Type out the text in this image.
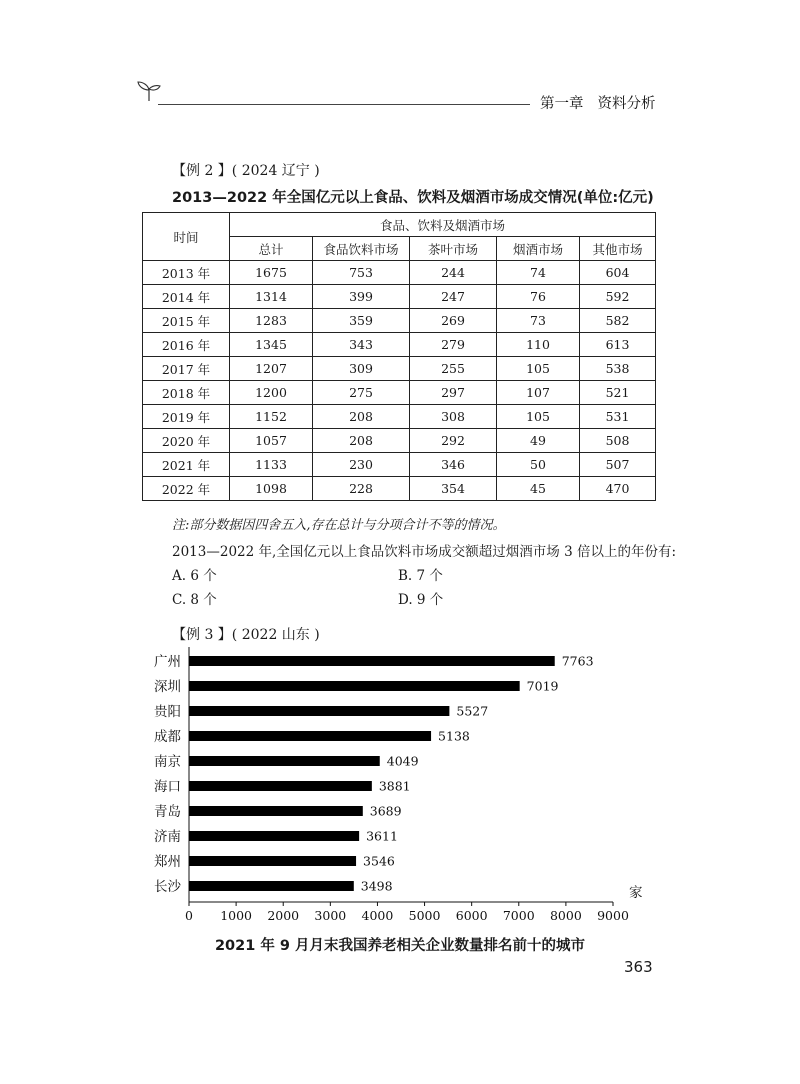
第一章 资料分析
【例 2 】( 2024 辽宁 )
2013—2022 年全国亿元以上食品、饮料及烟酒市场成交情况(单位:亿元)
时间	食品、饮料及烟酒市场				
	总计	食品饮料市场	茶叶市场	烟酒市场	其他市场
2013 年	1675	753	244	74	604
2014 年	1314	399	247	76	592
2015 年	1283	359	269	73	582
2016 年	1345	343	279	110	613
2017 年	1207	309	255	105	538
2018 年	1200	275	297	107	521
2019 年	1152	208	308	105	531
2020 年	1057	208	292	49	508
2021 年	1133	230	346	50	507
2022 年	1098	228	354	45	470
注:部分数据因四舍五入,存在总计与分项合计不等的情况。
2013—2022 年,全国亿元以上食品饮料市场成交额超过烟酒市场 3 倍以上的年份有:
A. 6 个	B. 7 个
C. 8 个	D. 9 个
【例 3 】( 2022 山东 )
0 1000 2000 3000 4000 5000 6000 7000 8000 9000
家
广州	7763
深圳	7019
贵阳	5527
成都	5138
南京	4049
海口	3881
青岛	3689
济南	3611
郑州	3546
长沙	3498
2021 年 9 月月末我国养老相关企业数量排名前十的城市
363
